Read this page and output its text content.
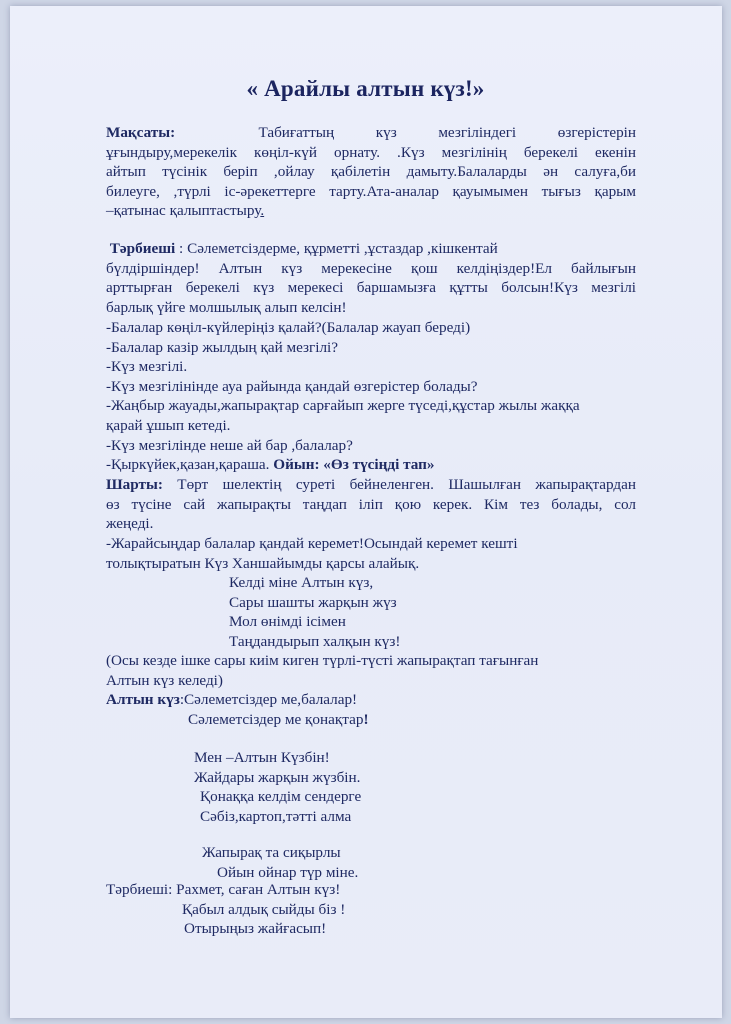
« Арайлы алтын күз!»
Мақсаты:	Табиғаттың күз мезгіліндегі өзгерістерін
ұғындыру,мерекелік көңіл-күй орнату. .Күз мезгілінің берекелі екенін
айтып түсінік беріп ,ойлау қабілетін дамыту.Балаларды ән салуға,би
билеуге, ,түрлі іс-әрекеттерге тарту.Ата-аналар қауымымен тығыз қарым
–қатынас қалыптастыру.
Тәрбиеші : Сәлеметсіздерме, құрметті ,ұстаздар ,кішкентай
бүлдіршіндер! Алтын күз мерекесіне қош келдіңіздер!Ел байлығын
арттырған берекелі күз мерекесі баршамызға құтты болсын!Күз мезгілі
барлық үйге молшылық алып келсін!
-Балалар көңіл-күйлеріңіз қалай?(Балалар жауап береді)
-Балалар казір жылдың қай мезгілі?
-Күз мезгілі.
-Күз мезгілінінде ауа райында қандай өзгерістер болады?
-Жаңбыр жауады,жапырақтар сарғайып жерге түседі,құстар жылы жаққа
қарай ұшып кетеді.
-Күз мезгілінде неше ай бар ,балалар?
-Қыркүйек,қазан,қараша. Ойын: «Өз түсіңді тап»
Шарты: Төрт шелектің суреті бейнеленген. Шашылған жапырақтардан
өз түсіне сай жапырақты таңдап іліп қою керек. Кім тез болады, сол
жеңеді.
-Жарайсыңдар балалар қандай керемет!Осындай керемет кешті
толықтыратын Күз Ханшайымды қарсы алайық.
Келді міне Алтын күз,
Сары шашты жарқын жүз
Мол өнімді ісімен
Таңдандырып халқын күз!
(Осы кезде ішке сары киім киген түрлі-түсті жапырақтап тағынған
Алтын күз келеді)
Алтын күз:Сәлеметсіздер ме,балалар!
Сәлеметсіздер ме қонақтар!
Мен –Алтын Күзбін!
Жайдары жарқын жүзбін.
Қонаққа келдім сендерге
Сәбіз,картоп,тәтті алма
Жапырақ та сиқырлы
Ойын ойнар түр міне.
Тәрбиеші: Рахмет, саған Алтын күз!
Қабыл алдық сыйды біз !
Отырыңыз жайғасып!
